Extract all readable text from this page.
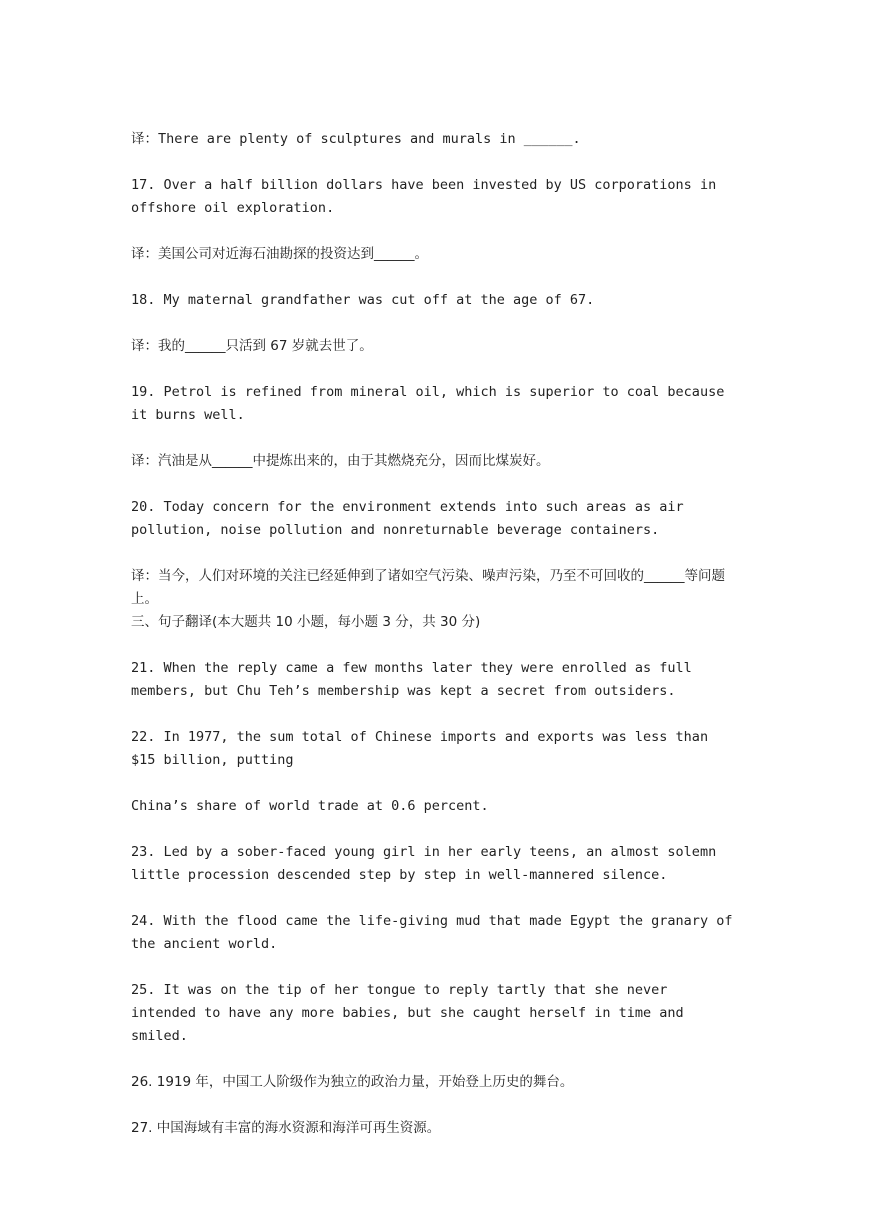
译：There are plenty of sculptures and murals in ______.

17. Over a half billion dollars have been invested by US corporations in offshore oil exploration.

译：美国公司对近海石油勘探的投资达到______。

18. My maternal grandfather was cut off at the age of 67.

译：我的______只活到 67 岁就去世了。

19. Petrol is refined from mineral oil, which is superior to coal because it burns well.

译：汽油是从______中提炼出来的，由于其燃烧充分，因而比煤炭好。

20. Today concern for the environment extends into such areas as air pollution, noise pollution and nonreturnable beverage containers.

译：当今，人们对环境的关注已经延伸到了诸如空气污染、噪声污染，乃至不可回收的______等问题上。

三、句子翻译(本大题共 10 小题，每小题 3 分，共 30 分)

21. When the reply came a few months later they were enrolled as full members, but Chu Teh’s membership was kept a secret from outsiders.

22. In 1977, the sum total of Chinese imports and exports was less than $15 billion, putting

China’s share of world trade at 0.6 percent.

23. Led by a sober-faced young girl in her early teens, an almost solemn little procession descended step by step in well-mannered silence.

24. With the flood came the life-giving mud that made Egypt the granary of the ancient world.

25. It was on the tip of her tongue to reply tartly that she never intended to have any more babies, but she caught herself in time and smiled.

26. 1919 年，中国工人阶级作为独立的政治力量，开始登上历史的舞台。

27. 中国海域有丰富的海水资源和海洋可再生资源。
